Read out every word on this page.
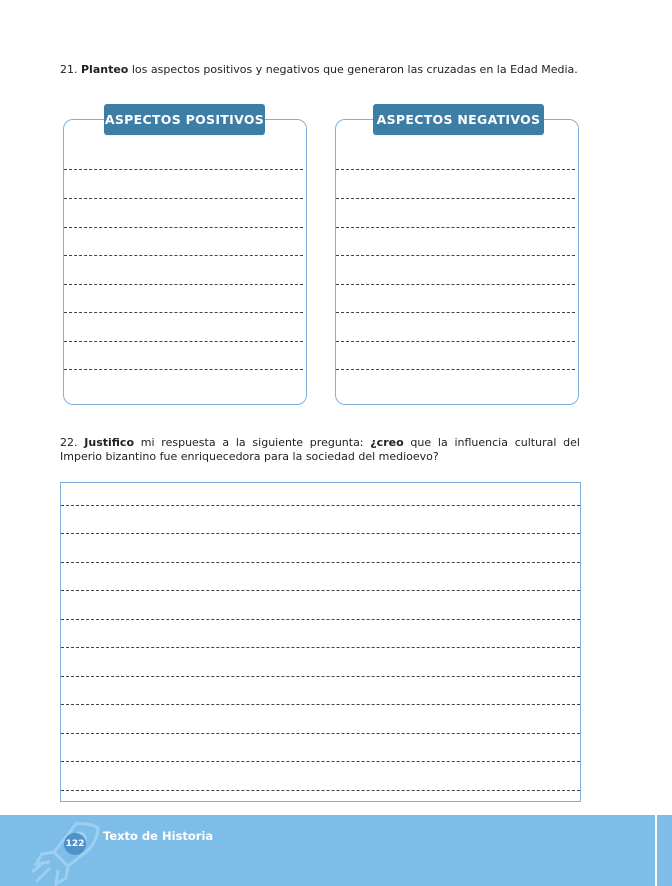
21. Planteo los aspectos positivos y negativos que generaron las cruzadas en la Edad Media.
ASPECTOS POSITIVOS	ASPECTOS NEGATIVOS
22. Justifico mi respuesta a la siguiente pregunta: ¿creo que la influencia cultural del Imperio bizantino fue enriquecedora para la sociedad del medioevo?
122
Texto de Historia
